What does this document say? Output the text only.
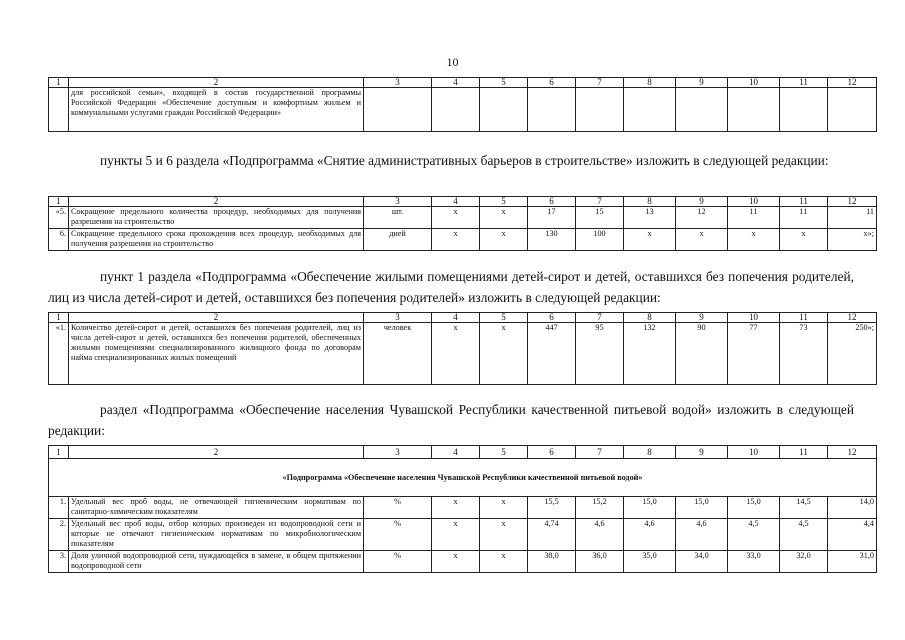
10
1	2	3	4	5	6	7	8	9	10	11	12
	для российской семьи», входящей в состав государственной программы Российской Федерации «Обеспечение доступным и комфортным жильем и коммунальными услугами граждан Российской Федерации»										
пункты 5 и 6 раздела «Подпрограмма «Снятие административных барьеров в строительстве» изложить в следующей редакции:
1	2	3	4	5	6	7	8	9	10	11	12
«5.	Сокращение предельного количества процедур, необходимых для получения разрешения на строительство	шт.	x	x	17	15	13	12	11	11	11
6.	Сокращение предельного срока прохождения всех процедур, необходимых для получения разрешения на строительство	дней	x	x	130	100	x	x	x	x	x»;
пункт 1 раздела «Подпрограмма «Обеспечение жилыми помещениями детей-сирот и детей, оставшихся без попечения родителей, лиц из числа детей-сирот и детей, оставшихся без попечения родителей» изложить в следующей редакции:
1	2	3	4	5	6	7	8	9	10	11	12
«1.	Количество детей-сирот и детей, оставшихся без попечения родителей, лиц из числа детей-сирот и детей, оставшихся без попечения родителей, обеспеченных жилыми помещениями специализированного жилищного фонда по договорам найма специализированных жилых помещений	человек	x	x	447	95	132	90	77	73	250»;
раздел «Подпрограмма «Обеспечение населения Чувашской Республики качественной питьевой водой» изложить в следующей редакции:
1	2	3	4	5	6	7	8	9	10	11	12
«Подпрограмма «Обеспечение населения Чувашской Республики качественной питьевой водой»											
1.	Удельный вес проб воды, не отвечающей гигиеническим нормативам по санитарно-химическим показателям	%	x	x	15,5	15,2	15,0	15,0	15,0	14,5	14,0
2.	Удельный вес проб воды, отбор которых произведен из водопроводной сети и которые не отвечают гигиеническим нормативам по микробиологическим показателям	%	x	x	4,74	4,6	4,6	4,6	4,5	4,5	4,4
3.	Доля уличной водопроводной сети, нуждающейся в замене, в общем протяжении водопроводной сети	%	x	x	38,0	36,0	35,0	34,0	33,0	32,0	31,0
